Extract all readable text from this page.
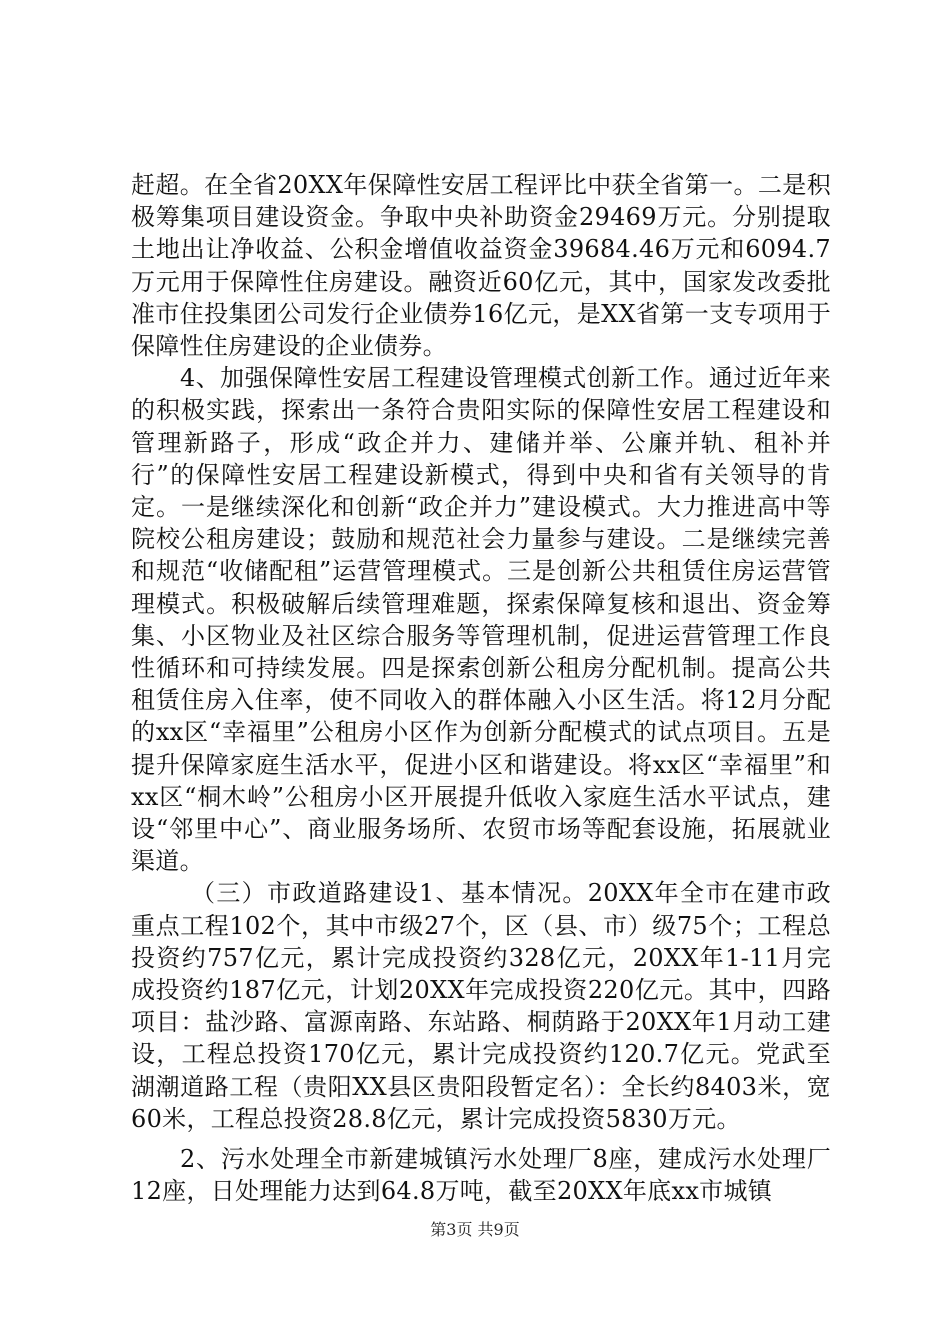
赶超。在全省20XX年保障性安居工程评比中获全省第一。二是积极筹集项目建设资金。争取中央补助资金29469万元。分别提取土地出让净收益、公积金增值收益资金39684.46万元和6094.7万元用于保障性住房建设。融资近60亿元，其中，国家发改委批准市住投集团公司发行企业债券16亿元，是XX省第一支专项用于保障性住房建设的企业债券。

4、加强保障性安居工程建设管理模式创新工作。通过近年来的积极实践，探索出一条符合贵阳实际的保障性安居工程建设和管理新路子，形成“政企并力、建储并举、公廉并轨、租补并行”的保障性安居工程建设新模式，得到中央和省有关领导的肯定。一是继续深化和创新“政企并力”建设模式。大力推进高中等院校公租房建设；鼓励和规范社会力量参与建设。二是继续完善和规范“收储配租”运营管理模式。三是创新公共租赁住房运营管理模式。积极破解后续管理难题，探索保障复核和退出、资金筹集、小区物业及社区综合服务等管理机制，促进运营管理工作良性循环和可持续发展。四是探索创新公租房分配机制。提高公共租赁住房入住率，使不同收入的群体融入小区生活。将12月分配的xx区“幸福里”公租房小区作为创新分配模式的试点项目。五是提升保障家庭生活水平，促进小区和谐建设。将xx区“幸福里”和xx区“桐木岭”公租房小区开展提升低收入家庭生活水平试点，建设“邻里中心”、商业服务场所、农贸市场等配套设施，拓展就业渠道。

（三）市政道路建设1、基本情况。20XX年全市在建市政重点工程102个，其中市级27个，区（县、市）级75个；工程总投资约757亿元，累计完成投资约328亿元，20XX年1-11月完成投资约187亿元，计划20XX年完成投资220亿元。其中，四路项目：盐沙路、富源南路、东站路、桐荫路于20XX年1月动工建设，工程总投资170亿元，累计完成投资约120.7亿元。党武至湖潮道路工程（贵阳XX县区贵阳段暂定名）：全长约8403米，宽60米，工程总投资28.8亿元，累计完成投资5830万元。

2、污水处理全市新建城镇污水处理厂8座，建成污水处理厂12座，日处理能力达到64.8万吨，截至20XX年底xx市城镇

第3页 共9页
